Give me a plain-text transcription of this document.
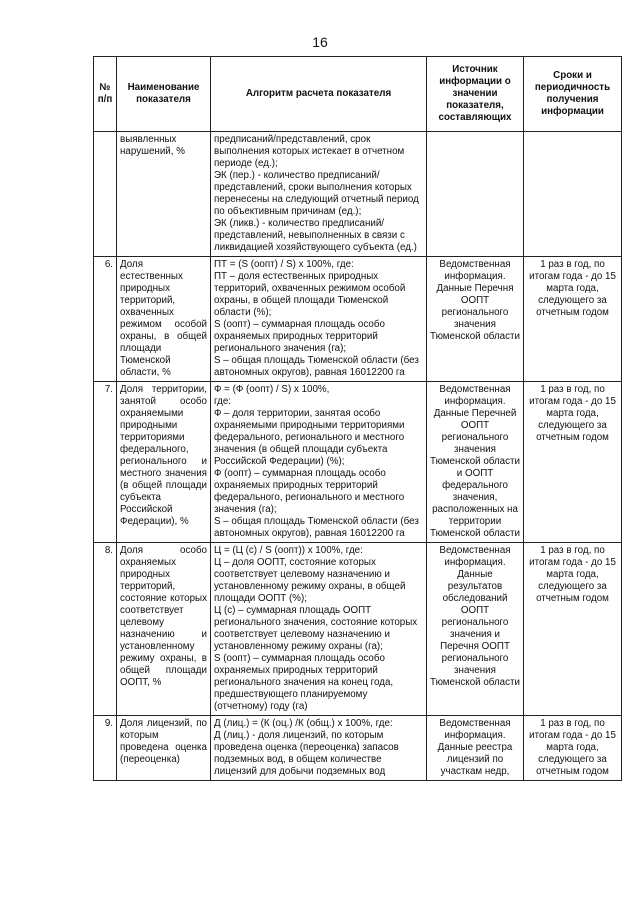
16
№ п/п	Наименование показателя	Алгоритм расчета показателя	Источник информации о значении показателя, составляющих	Сроки и периодичность получения информации
	выявленных нарушений, %	предписаний/представлений, срок выполнения которых истекает в отчетном периоде (ед.);
ЭК (пер.) - количество предписаний/представлений, сроки выполнения которых перенесены на следующий отчетный период по объективным причинам (ед.);
ЭК (ликв.) - количество предписаний/представлений, невыполненных в связи с ликвидацией хозяйствующего субъекта (ед.)		

6.	Доля естественных природных территорий, охваченных режимом особой охраны, в общей площади Тюменской области, %	ПТ = (S (оопт) / S) х 100%, где:
ПТ – доля естественных природных территорий, охваченных режимом особой охраны, в общей площади Тюменской области (%);
S (оопт) – суммарная площадь особо охраняемых природных территорий регионального значения (га);
S – общая площадь Тюменской области (без автономных округов), равная 16012200 га	Ведомственная информация. Данные Перечня ООПТ регионального значения Тюменской области	1 раз в год, по итогам года - до 15 марта года, следующего за отчетным годом
7.	Доля территории, занятой особо охраняемыми природными территориями федерального, регионального и местного значения (в общей площади субъекта Российской Федерации), %	Ф = (Ф (оопт) / S) х 100%,
где:
Ф – доля территории, занятая особо охраняемыми природными территориями федерального, регионального и местного значения (в общей площади субъекта Российской Федерации) (%);
Ф (оопт) – суммарная площадь особо охраняемых природных территорий федерального, регионального и местного значения (га);
S – общая площадь Тюменской области (без автономных округов), равная 16012200 га	Ведомственная информация. Данные Перечней ООПТ регионального значения Тюменской области и ООПТ федерального значения, расположенных на территории Тюменской области	1 раз в год, по итогам года - до 15 марта года, следующего за отчетным годом
8.	Доля особо охраняемых природных территорий, состояние которых соответствует целевому назначению и установленному режиму охраны, в общей площади ООПТ, %	Ц = (Ц (с) / S (оопт)) х 100%, где:
Ц – доля ООПТ, состояние которых соответствует целевому назначению и установленному режиму охраны, в общей площади ООПТ (%);
Ц (с) – суммарная площадь ООПТ регионального значения, состояние которых соответствует целевому назначению и установленному режиму охраны (га);
S (оопт) – суммарная площадь особо охраняемых природных территорий регионального значения на конец года, предшествующего планируемому (отчетному) году (га)	Ведомственная информация. Данные результатов обследований ООПТ регионального значения и Перечня ООПТ регионального значения Тюменской области	1 раз в год, по итогам года - до 15 марта года, следующего за отчетным годом
9.	Доля лицензий, по которым проведена оценка (переоценка)	Д (лиц.) = (К (оц.) /К (общ.) х 100%, где:
Д (лиц.) - доля лицензий, по которым проведена оценка (переоценка) запасов подземных вод, в общем количестве лицензий для добычи подземных вод	Ведомственная информация. Данные реестра лицензий по участкам недр,	1 раз в год, по итогам года - до 15 марта года, следующего за отчетным годом
